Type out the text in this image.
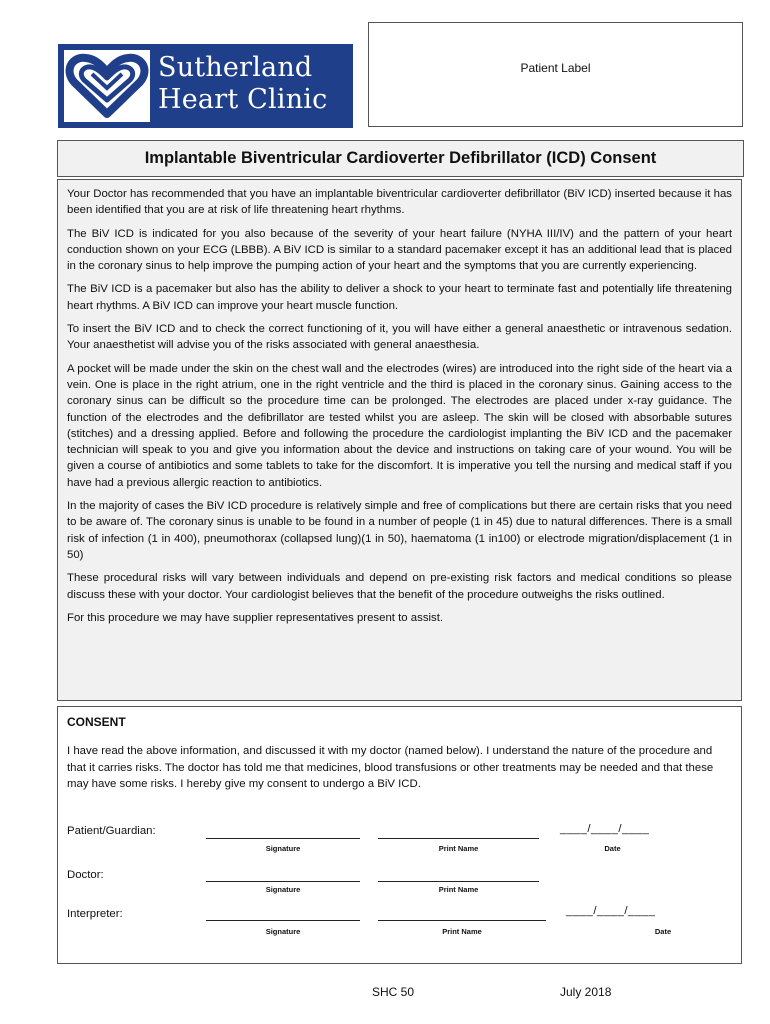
Sutherland
Heart Clinic
Patient Label
Implantable Biventricular Cardioverter Defibrillator (ICD) Consent

Your Doctor has recommended that you have an implantable biventricular cardioverter defibrillator (BiV ICD) inserted because it has been identified that you are at risk of life threatening heart rhythms.

The BiV ICD is indicated for you also because of the severity of your heart failure (NYHA III/IV) and the pattern of your heart conduction shown on your ECG (LBBB). A BiV ICD is similar to a standard pacemaker except it has an additional lead that is placed in the coronary sinus to help improve the pumping action of your heart and the symptoms that you are currently experiencing.

The BiV ICD is a pacemaker but also has the ability to deliver a shock to your heart to terminate fast and potentially life threatening heart rhythms. A BiV ICD can improve your heart muscle function.

To insert the BiV ICD and to check the correct functioning of it, you will have either a general anaesthetic or intravenous sedation. Your anaesthetist will advise you of the risks associated with general anaesthesia.

A pocket will be made under the skin on the chest wall and the electrodes (wires) are introduced into the right side of the heart via a vein. One is place in the right atrium, one in the right ventricle and the third is placed in the coronary sinus. Gaining access to the coronary sinus can be difficult so the procedure time can be prolonged. The electrodes are placed under x-ray guidance. The function of the electrodes and the defibrillator are tested whilst you are asleep. The skin will be closed with absorbable sutures (stitches) and a dressing applied. Before and following the procedure the cardiologist implanting the BiV ICD and the pacemaker technician will speak to you and give you information about the device and instructions on taking care of your wound. You will be given a course of antibiotics and some tablets to take for the discomfort. It is imperative you tell the nursing and medical staff if you have had a previous allergic reaction to antibiotics.

In the majority of cases the BiV ICD procedure is relatively simple and free of complications but there are certain risks that you need to be aware of. The coronary sinus is unable to be found in a number of people (1 in 45) due to natural differences. There is a small risk of infection (1 in 400), pneumothorax (collapsed lung)(1 in 50), haematoma (1 in100) or electrode migration/displacement (1 in 50)

These procedural risks will vary between individuals and depend on pre-existing risk factors and medical conditions so please discuss these with your doctor. Your cardiologist believes that the benefit of the procedure outweighs the risks outlined.

For this procedure we may have supplier representatives present to assist.

CONSENT
I have read the above information, and discussed it with my doctor (named below). I understand the nature of the procedure and that it carries risks. The doctor has told me that medicines, blood transfusions or other treatments may be needed and that these may have some risks. I hereby give my consent to undergo a BiV ICD.
Patient/Guardian:	____/____/____
Signature	Print Name	Date
Doctor:
Signature	Print Name
Interpreter:	____/____/____
Signature	Print Name	Date
SHC 50	July 2018
